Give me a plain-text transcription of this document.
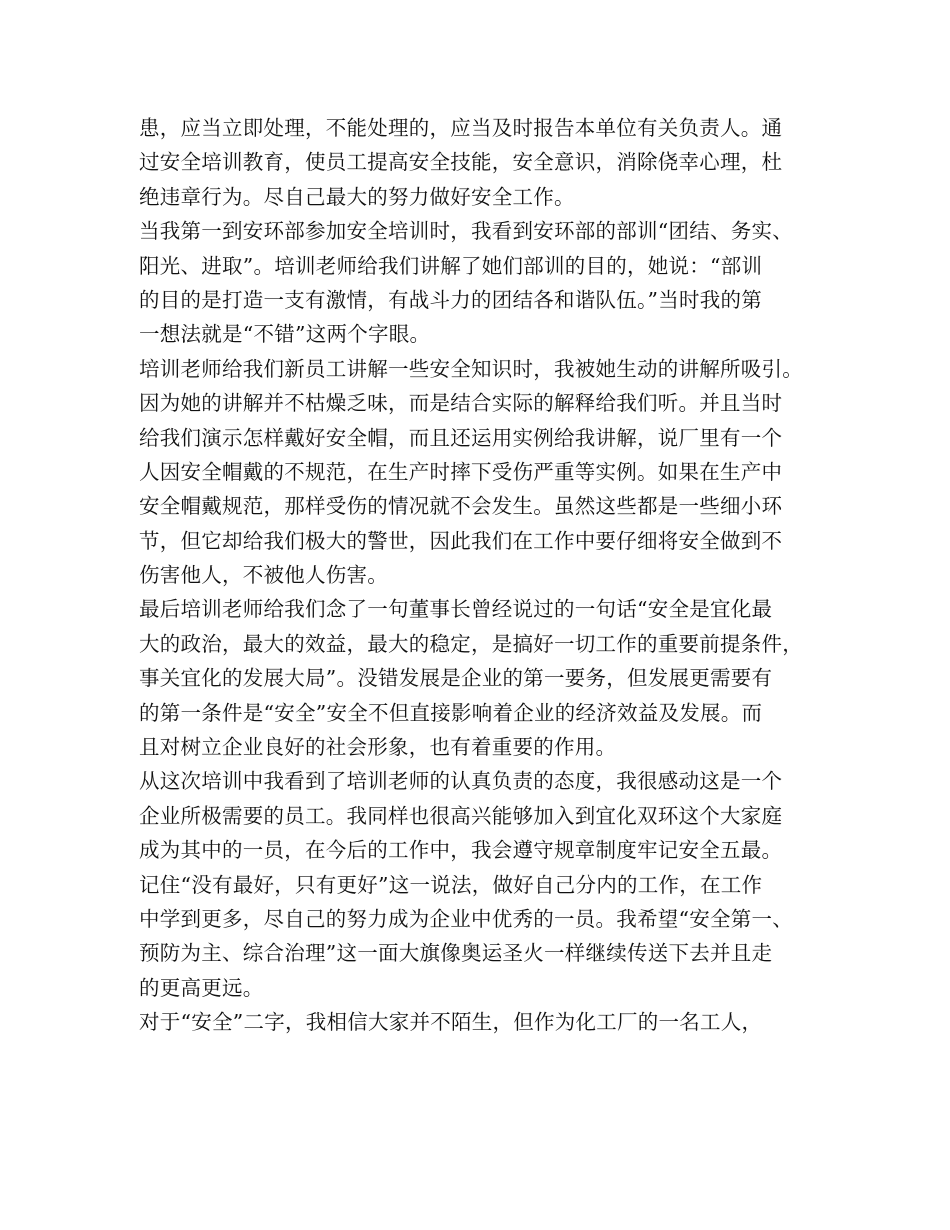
患，应当立即处理，不能处理的，应当及时报告本单位有关负责人。通
过安全培训教育，使员工提高安全技能，安全意识，消除侥幸心理，杜
绝违章行为。尽自己最大的努力做好安全工作。
当我第一到安环部参加安全培训时，我看到安环部的部训“团结、务实、
阳光、进取”。培训老师给我们讲解了她们部训的目的，她说：“部训
的目的是打造一支有激情，有战斗力的团结各和谐队伍。”当时我的第
一想法就是“不错”这两个字眼。
培训老师给我们新员工讲解一些安全知识时，我被她生动的讲解所吸引。
因为她的讲解并不枯燥乏味，而是结合实际的解释给我们听。并且当时
给我们演示怎样戴好安全帽，而且还运用实例给我讲解，说厂里有一个
人因安全帽戴的不规范，在生产时摔下受伤严重等实例。如果在生产中
安全帽戴规范，那样受伤的情况就不会发生。虽然这些都是一些细小环
节，但它却给我们极大的警世，因此我们在工作中要仔细将安全做到不
伤害他人，不被他人伤害。
最后培训老师给我们念了一句董事长曾经说过的一句话“安全是宜化最
大的政治，最大的效益，最大的稳定，是搞好一切工作的重要前提条件，
事关宜化的发展大局”。没错发展是企业的第一要务，但发展更需要有
的第一条件是“安全”安全不但直接影响着企业的经济效益及发展。而
且对树立企业良好的社会形象，也有着重要的作用。
从这次培训中我看到了培训老师的认真负责的态度，我很感动这是一个
企业所极需要的员工。我同样也很高兴能够加入到宜化双环这个大家庭
成为其中的一员，在今后的工作中，我会遵守规章制度牢记安全五最。
记住“没有最好，只有更好”这一说法，做好自己分内的工作，在工作
中学到更多，尽自己的努力成为企业中优秀的一员。我希望“安全第一、
预防为主、综合治理”这一面大旗像奥运圣火一样继续传送下去并且走
的更高更远。
对于“安全”二字，我相信大家并不陌生，但作为化工厂的一名工人，
